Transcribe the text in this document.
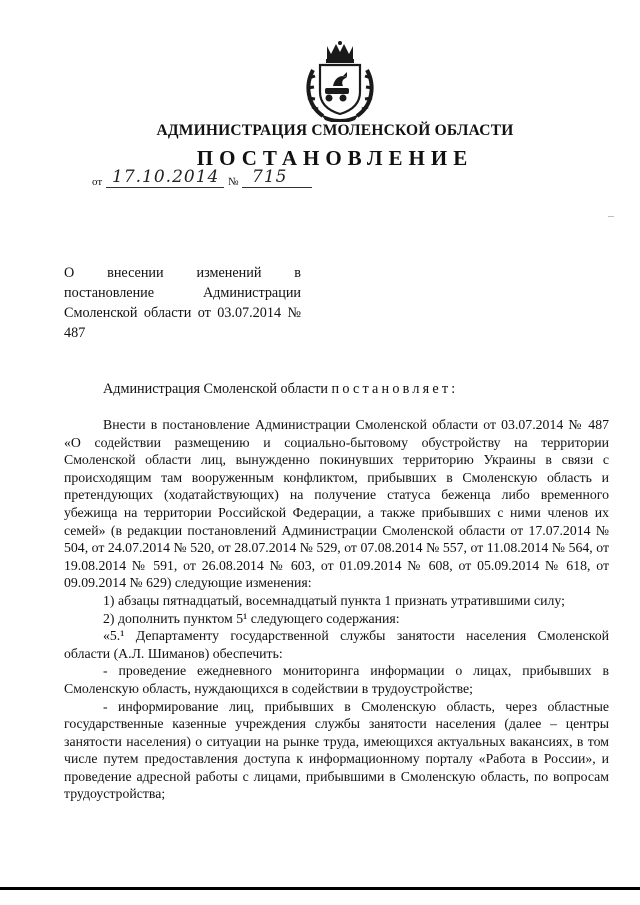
АДМИНИСТРАЦИЯ СМОЛЕНСКОЙ ОБЛАСТИ
ПОСТАНОВЛЕНИЕ
от 17.10.2014 № 715
О внесении изменений в постановление Администрации Смоленской области от 03.07.2014 № 487
Администрация Смоленской области постановляет:

Внести в постановление Администрации Смоленской области от 03.07.2014 № 487 «О содействии размещению и социально-бытовому обустройству на территории Смоленской области лиц, вынужденно покинувших территорию Украины в связи с происходящим там вооруженным конфликтом, прибывших в Смоленскую область и претендующих (ходатайствующих) на получение статуса беженца либо временного убежища на территории Российской Федерации, а также прибывших с ними членов их семей» (в редакции постановлений Администрации Смоленской области от 17.07.2014 № 504, от 24.07.2014 № 520, от 28.07.2014 № 529, от 07.08.2014 № 557, от 11.08.2014 № 564, от 19.08.2014 № 591, от 26.08.2014 № 603, от 01.09.2014 № 608, от 05.09.2014 № 618, от 09.09.2014 № 629) следующие изменения:

1) абзацы пятнадцатый, восемнадцатый пункта 1 признать утратившими силу;

2) дополнить пунктом 5¹ следующего содержания:

«5.¹ Департаменту государственной службы занятости населения Смоленской области (А.Л. Шиманов) обеспечить:

- проведение ежедневного мониторинга информации о лицах, прибывших в Смоленскую область, нуждающихся в содействии в трудоустройстве;

- информирование лиц, прибывших в Смоленскую область, через областные государственные казенные учреждения службы занятости населения (далее – центры занятости населения) о ситуации на рынке труда, имеющихся актуальных вакансиях, в том числе путем предоставления доступа к информационному порталу «Работа в России», и проведение адресной работы с лицами, прибывшими в Смоленскую область, по вопросам трудоустройства;
